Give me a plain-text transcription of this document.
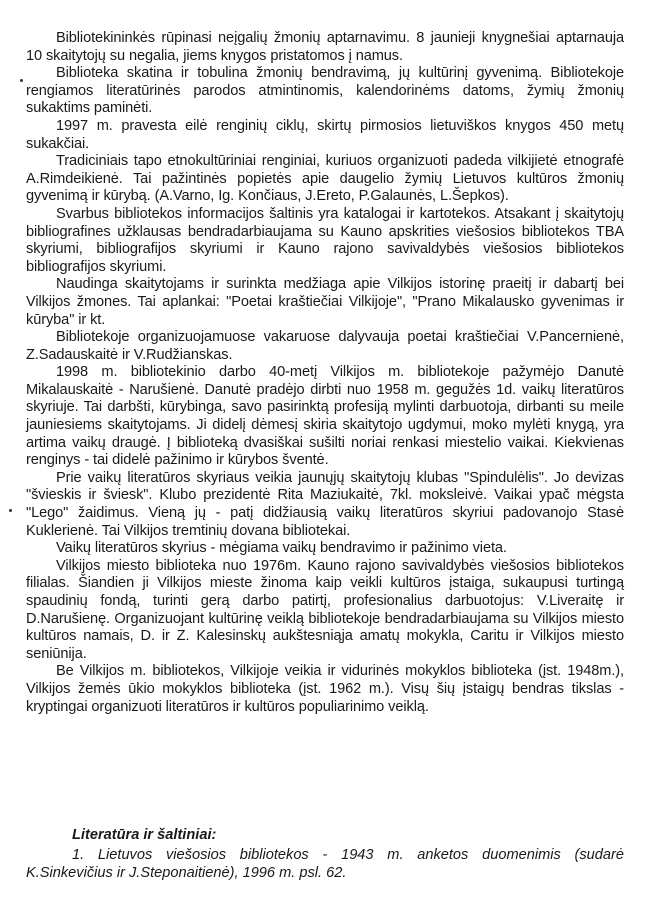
Bibliotekininkės rūpinasi neįgalių žmonių aptarnavimu. 8 jaunieji knygnešiai aptarnauja 10 skaitytojų su negalia, jiems knygos pristatomos į namus.

Biblioteka skatina ir tobulina žmonių bendravimą, jų kultūrinį gyvenimą. Bibliotekoje rengiamos literatūrinės parodos atmintinomis, kalendorinėms datoms, žymių žmonių sukaktims paminėti.

1997 m. pravesta eilė renginių ciklų, skirtų pirmosios lietuviškos knygos 450 metų sukakčiai.

Tradiciniais tapo etnokultūriniai renginiai, kuriuos organizuoti padeda vilkijietė etnografė A.Rimdeikienė. Tai pažintinės popietės apie daugelio žymių Lietuvos kultūros žmonių gyvenimą ir kūrybą. (A.Varno, Ig. Končiaus, J.Ereto, P.Galaunės, L.Šepkos).

Svarbus bibliotekos informacijos šaltinis yra katalogai ir kartotekos. Atsakant į skaitytojų bibliografines užklausas bendradarbiaujama su Kauno apskrities viešosios bibliotekos TBA skyriumi, bibliografijos skyriumi ir Kauno rajono savivaldybės viešosios bibliotekos bibliografijos skyriumi.

Naudinga skaitytojams ir surinkta medžiaga apie Vilkijos istorinę praeitį ir dabartį bei Vilkijos žmones. Tai aplankai: "Poetai kraštiečiai Vilkijoje", "Prano Mikalausko gyvenimas ir kūryba" ir kt.

Bibliotekoje organizuojamuose vakaruose dalyvauja poetai kraštiečiai V.Pancernienė, Z.Sadauskaitė ir V.Rudžianskas.

1998 m. bibliotekinio darbo 40-metį Vilkijos m. bibliotekoje pažymėjo Danutė Mikalauskaitė - Narušienė. Danutė pradėjo dirbti nuo 1958 m. gegužės 1d. vaikų literatūros skyriuje. Tai darbšti, kūrybinga, savo pasirinktą profesiją mylinti darbuotoja, dirbanti su meile jauniesiems skaitytojams. Ji didelį dėmesį skiria skaitytojo ugdymui, moko mylėti knygą, yra artima vaikų draugė. Į biblioteką dvasiškai sušilti noriai renkasi miestelio vaikai. Kiekvienas renginys - tai didelė pažinimo ir kūrybos šventė.

Prie vaikų literatūros skyriaus veikia jaunųjų skaitytojų klubas "Spindulėlis". Jo devizas "švieskis ir šviesk". Klubo prezidentė Rita Maziukaitė, 7kl. moksleivė. Vaikai ypač mėgsta "Lego" žaidimus. Vieną jų - patį didžiausią vaikų literatūros skyriui padovanojo Stasė Kuklerienė. Tai Vilkijos tremtinių dovana bibliotekai.

Vaikų literatūros skyrius - mėgiama vaikų bendravimo ir pažinimo vieta.

Vilkijos miesto biblioteka nuo 1976m. Kauno rajono savivaldybės viešosios bibliotekos filialas. Šiandien ji Vilkijos mieste žinoma kaip veikli kultūros įstaiga, sukaupusi turtingą spaudinių fondą, turinti gerą darbo patirtį, profesionalius darbuotojus: V.Liveraitę ir D.Narušienę. Organizuojant kultūrinę veiklą bibliotekoje bendradarbiaujama su Vilkijos miesto kultūros namais, D. ir Z. Kalesinskų aukštesniąja amatų mokykla, Caritu ir Vilkijos miesto seniūnija.

Be Vilkijos m. bibliotekos, Vilkijoje veikia ir vidurinės mokyklos biblioteka (įst. 1948m.), Vilkijos žemės ūkio mokyklos biblioteka (įst. 1962 m.). Visų šių įstaigų bendras tikslas - kryptingai organizuoti literatūros ir kultūros populiarinimo veiklą.

Literatūra ir šaltiniai:

1. Lietuvos viešosios bibliotekos - 1943 m. anketos duomenimis (sudarė K.Sinkevičius ir J.Steponaitienė), 1996 m. psl. 62.
